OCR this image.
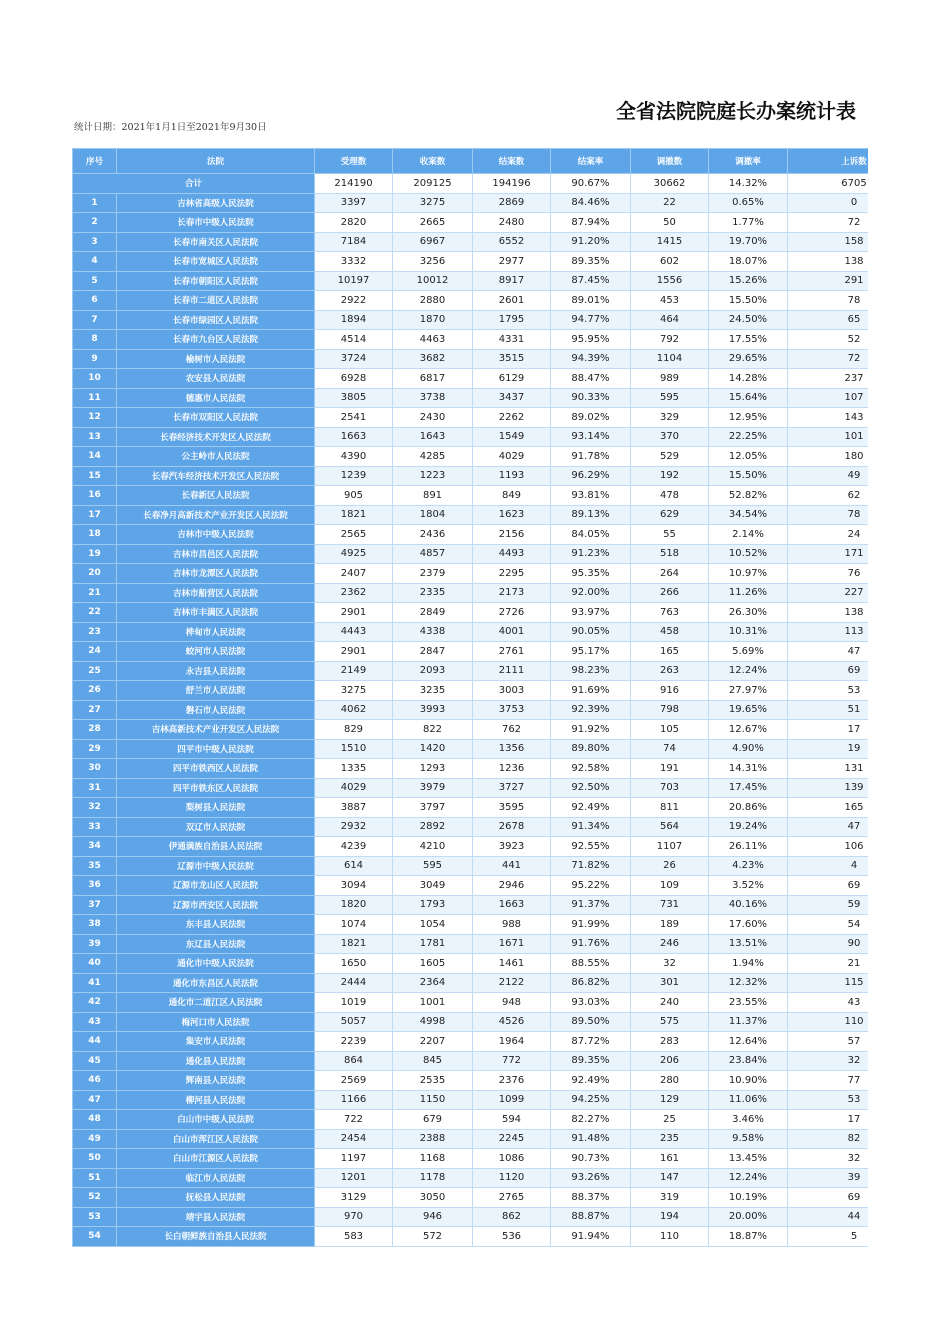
全省法院院庭长办案统计表
统计日期：2021年1月1日至2021年9月30日
序号	法院	受理数	收案数	结案数	结案率	调撤数	调撤率	上诉数
合计		214190	209125	194196	90.67%	30662	14.32%	6705
1	吉林省高级人民法院	3397	3275	2869	84.46%	22	0.65%	0
2	长春市中级人民法院	2820	2665	2480	87.94%	50	1.77%	72
3	长春市南关区人民法院	7184	6967	6552	91.20%	1415	19.70%	158
4	长春市宽城区人民法院	3332	3256	2977	89.35%	602	18.07%	138
5	长春市朝阳区人民法院	10197	10012	8917	87.45%	1556	15.26%	291
6	长春市二道区人民法院	2922	2880	2601	89.01%	453	15.50%	78
7	长春市绿园区人民法院	1894	1870	1795	94.77%	464	24.50%	65
8	长春市九台区人民法院	4514	4463	4331	95.95%	792	17.55%	52
9	榆树市人民法院	3724	3682	3515	94.39%	1104	29.65%	72
10	农安县人民法院	6928	6817	6129	88.47%	989	14.28%	237
11	德惠市人民法院	3805	3738	3437	90.33%	595	15.64%	107
12	长春市双阳区人民法院	2541	2430	2262	89.02%	329	12.95%	143
13	长春经济技术开发区人民法院	1663	1643	1549	93.14%	370	22.25%	101
14	公主岭市人民法院	4390	4285	4029	91.78%	529	12.05%	180
15	长春汽车经济技术开发区人民法院	1239	1223	1193	96.29%	192	15.50%	49
16	长春新区人民法院	905	891	849	93.81%	478	52.82%	62
17	长春净月高新技术产业开发区人民法院	1821	1804	1623	89.13%	629	34.54%	78
18	吉林市中级人民法院	2565	2436	2156	84.05%	55	2.14%	24
19	吉林市昌邑区人民法院	4925	4857	4493	91.23%	518	10.52%	171
20	吉林市龙潭区人民法院	2407	2379	2295	95.35%	264	10.97%	76
21	吉林市船营区人民法院	2362	2335	2173	92.00%	266	11.26%	227
22	吉林市丰满区人民法院	2901	2849	2726	93.97%	763	26.30%	138
23	桦甸市人民法院	4443	4338	4001	90.05%	458	10.31%	113
24	蛟河市人民法院	2901	2847	2761	95.17%	165	5.69%	47
25	永吉县人民法院	2149	2093	2111	98.23%	263	12.24%	69
26	舒兰市人民法院	3275	3235	3003	91.69%	916	27.97%	53
27	磐石市人民法院	4062	3993	3753	92.39%	798	19.65%	51
28	吉林高新技术产业开发区人民法院	829	822	762	91.92%	105	12.67%	17
29	四平市中级人民法院	1510	1420	1356	89.80%	74	4.90%	19
30	四平市铁西区人民法院	1335	1293	1236	92.58%	191	14.31%	131
31	四平市铁东区人民法院	4029	3979	3727	92.50%	703	17.45%	139
32	梨树县人民法院	3887	3797	3595	92.49%	811	20.86%	165
33	双辽市人民法院	2932	2892	2678	91.34%	564	19.24%	47
34	伊通满族自治县人民法院	4239	4210	3923	92.55%	1107	26.11%	106
35	辽源市中级人民法院	614	595	441	71.82%	26	4.23%	4
36	辽源市龙山区人民法院	3094	3049	2946	95.22%	109	3.52%	69
37	辽源市西安区人民法院	1820	1793	1663	91.37%	731	40.16%	59
38	东丰县人民法院	1074	1054	988	91.99%	189	17.60%	54
39	东辽县人民法院	1821	1781	1671	91.76%	246	13.51%	90
40	通化市中级人民法院	1650	1605	1461	88.55%	32	1.94%	21
41	通化市东昌区人民法院	2444	2364	2122	86.82%	301	12.32%	115
42	通化市二道江区人民法院	1019	1001	948	93.03%	240	23.55%	43
43	梅河口市人民法院	5057	4998	4526	89.50%	575	11.37%	110
44	集安市人民法院	2239	2207	1964	87.72%	283	12.64%	57
45	通化县人民法院	864	845	772	89.35%	206	23.84%	32
46	辉南县人民法院	2569	2535	2376	92.49%	280	10.90%	77
47	柳河县人民法院	1166	1150	1099	94.25%	129	11.06%	53
48	白山市中级人民法院	722	679	594	82.27%	25	3.46%	17
49	白山市浑江区人民法院	2454	2388	2245	91.48%	235	9.58%	82
50	白山市江源区人民法院	1197	1168	1086	90.73%	161	13.45%	32
51	临江市人民法院	1201	1178	1120	93.26%	147	12.24%	39
52	抚松县人民法院	3129	3050	2765	88.37%	319	10.19%	69
53	靖宇县人民法院	970	946	862	88.87%	194	20.00%	44
54	长白朝鲜族自治县人民法院	583	572	536	91.94%	110	18.87%	5
